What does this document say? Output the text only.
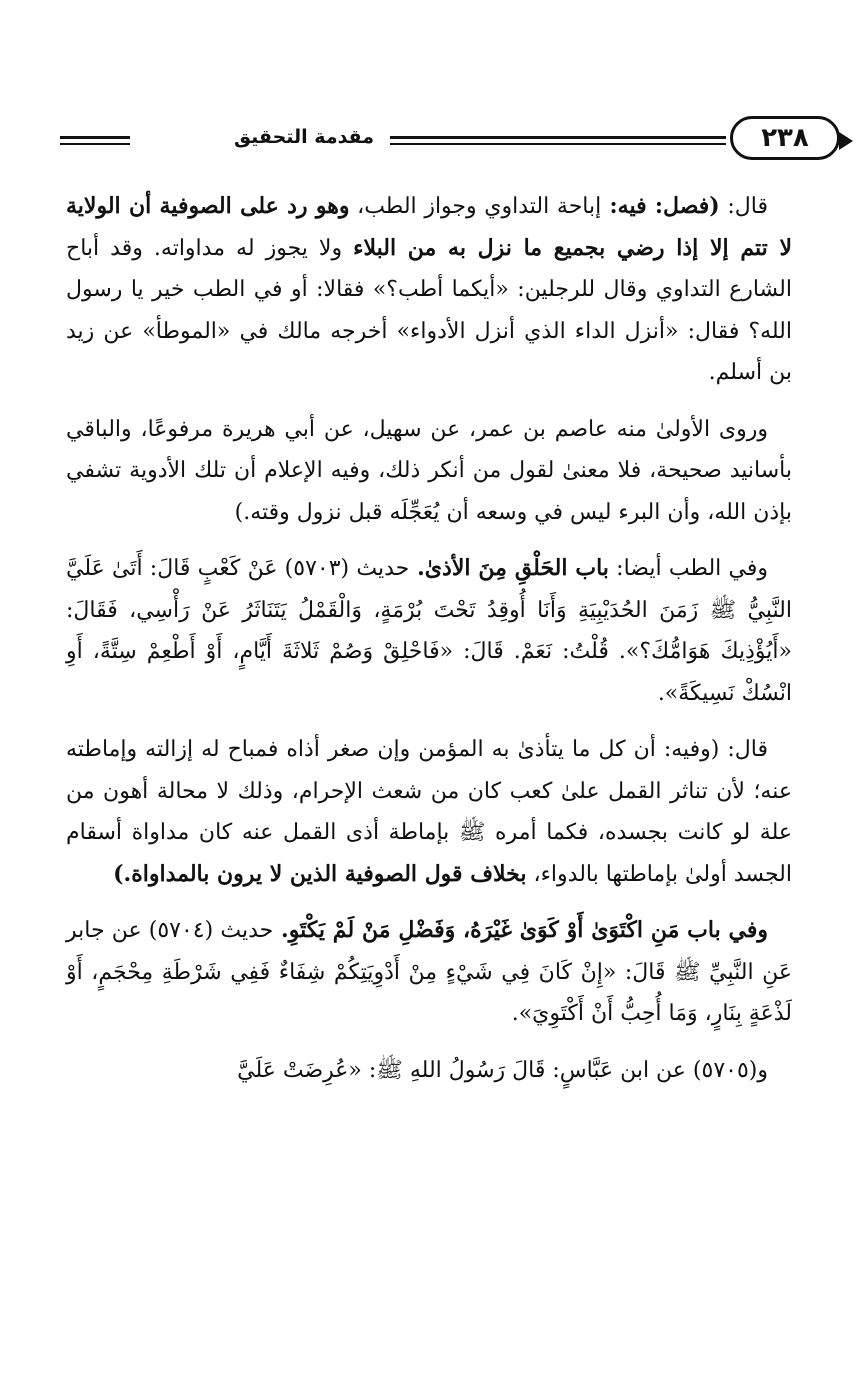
مقدمة التحقيق	٢٣٨

قال: (فصل: فيه: إباحة التداوي وجواز الطب، وهو رد على الصوفية أن الولاية لا تتم إلا إذا رضي بجميع ما نزل به من البلاء ولا يجوز له مداواته. وقد أباح الشارع التداوي وقال للرجلين: «أيكما أطب؟» فقالا: أو في الطب خير يا رسول الله؟ فقال: «أنزل الداء الذي أنزل الأدواء» أخرجه مالك في «الموطأ» عن زيد بن أسلم.

وروى الأولىٰ منه عاصم بن عمر، عن سهيل، عن أبي هريرة مرفوعًا، والباقي بأسانيد صحيحة، فلا معنىٰ لقول من أنكر ذلك، وفيه الإعلام أن تلك الأدوية تشفي بإذن الله، وأن البرء ليس في وسعه أن يُعَجِّلَه قبل نزول وقته.)

وفي الطب أيضا: باب الحَلْقِ مِنَ الأذىٰ. حديث (٥٧٠٣) عَنْ كَعْبٍ قَالَ: أَتَىٰ عَلَيَّ النَّبِيُّ ﷺ زَمَنَ الحُدَيْبِيَةِ وَأَنَا أُوقِدُ تَحْتَ بُرْمَةٍ، وَالْقَمْلُ يَتَنَاثَرُ عَنْ رَأْسِي، فَقَالَ: «أَيُؤْذِيكَ هَوَامُّكَ؟». قُلْتُ: نَعَمْ. قَالَ: «فَاحْلِقْ وَصُمْ ثَلاثَةَ أَيَّامٍ، أَوْ أَطْعِمْ سِتَّةً، أَوِ انْسُكْ نَسِيكَةً».

قال: (وفيه: أن كل ما يتأذىٰ به المؤمن وإن صغر أذاه فمباح له إزالته وإماطته عنه؛ لأن تناثر القمل علىٰ كعب كان من شعث الإحرام، وذلك لا محالة أهون من علة لو كانت بجسده، فكما أمره ﷺ بإماطة أذى القمل عنه كان مداواة أسقام الجسد أولىٰ بإماطتها بالدواء، بخلاف قول الصوفية الذين لا يرون بالمداواة.)

وفي باب مَنِ اكْتَوَىٰ أَوْ كَوَىٰ غَيْرَهُ، وَفَضْلِ مَنْ لَمْ يَكْتَوِ. حديث (٥٧٠٤) عن جابر عَنِ النَّبِيِّ ﷺ قَالَ: «إِنْ كَانَ فِي شَيْءٍ مِنْ أَدْوِيَتِكُمْ شِفَاءٌ فَفِي شَرْطَةِ مِحْجَمٍ، أَوْ لَذْعَةٍ بِنَارٍ، وَمَا أُحِبُّ أَنْ أَكْتَوِيَ».

و(٥٧٠٥) عن ابن عَبَّاسٍ: قَالَ رَسُولُ اللهِ ﷺ: «عُرِضَتْ عَلَيَّ
